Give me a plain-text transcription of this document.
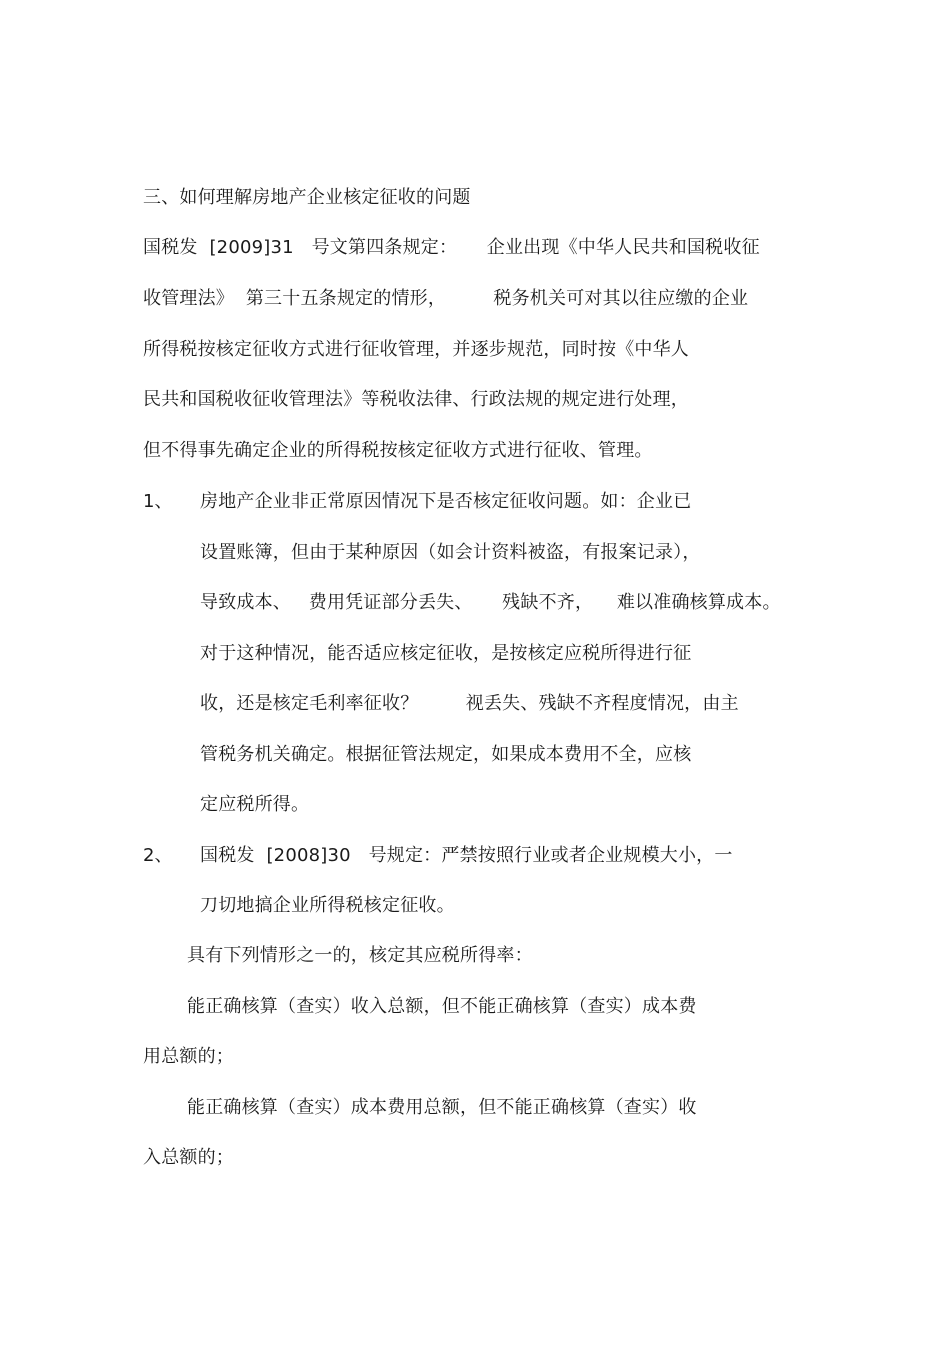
三、如何理解房地产企业核定征收的问题
国税发  [2009]31   号文第四条规定：     企业出现《中华人民共和国税收征
收管理法》  第三十五条规定的情形，        税务机关可对其以往应缴的企业
所得税按核定征收方式进行征收管理，并逐步规范，同时按《中华人
民共和国税收征收管理法》等税收法律、行政法规的规定进行处理，
但不得事先确定企业的所得税按核定征收方式进行征收、管理。
1、 房地产企业非正常原因情况下是否核定征收问题。如：企业已
设置账簿，但由于某种原因（如会计资料被盗，有报案记录），
导致成本、   费用凭证部分丢失、     残缺不齐，    难以准确核算成本。
对于这种情况，能否适应核定征收，是按核定应税所得进行征
收，还是核定毛利率征收？        视丢失、残缺不齐程度情况，由主
管税务机关确定。根据征管法规定，如果成本费用不全，应核
定应税所得。
2、 国税发  [2008]30   号规定：严禁按照行业或者企业规模大小，一
刀切地搞企业所得税核定征收。
具有下列情形之一的，核定其应税所得率：
能正确核算（查实）收入总额，但不能正确核算（查实）成本费
用总额的；
能正确核算（查实）成本费用总额，但不能正确核算（查实）收
入总额的；
